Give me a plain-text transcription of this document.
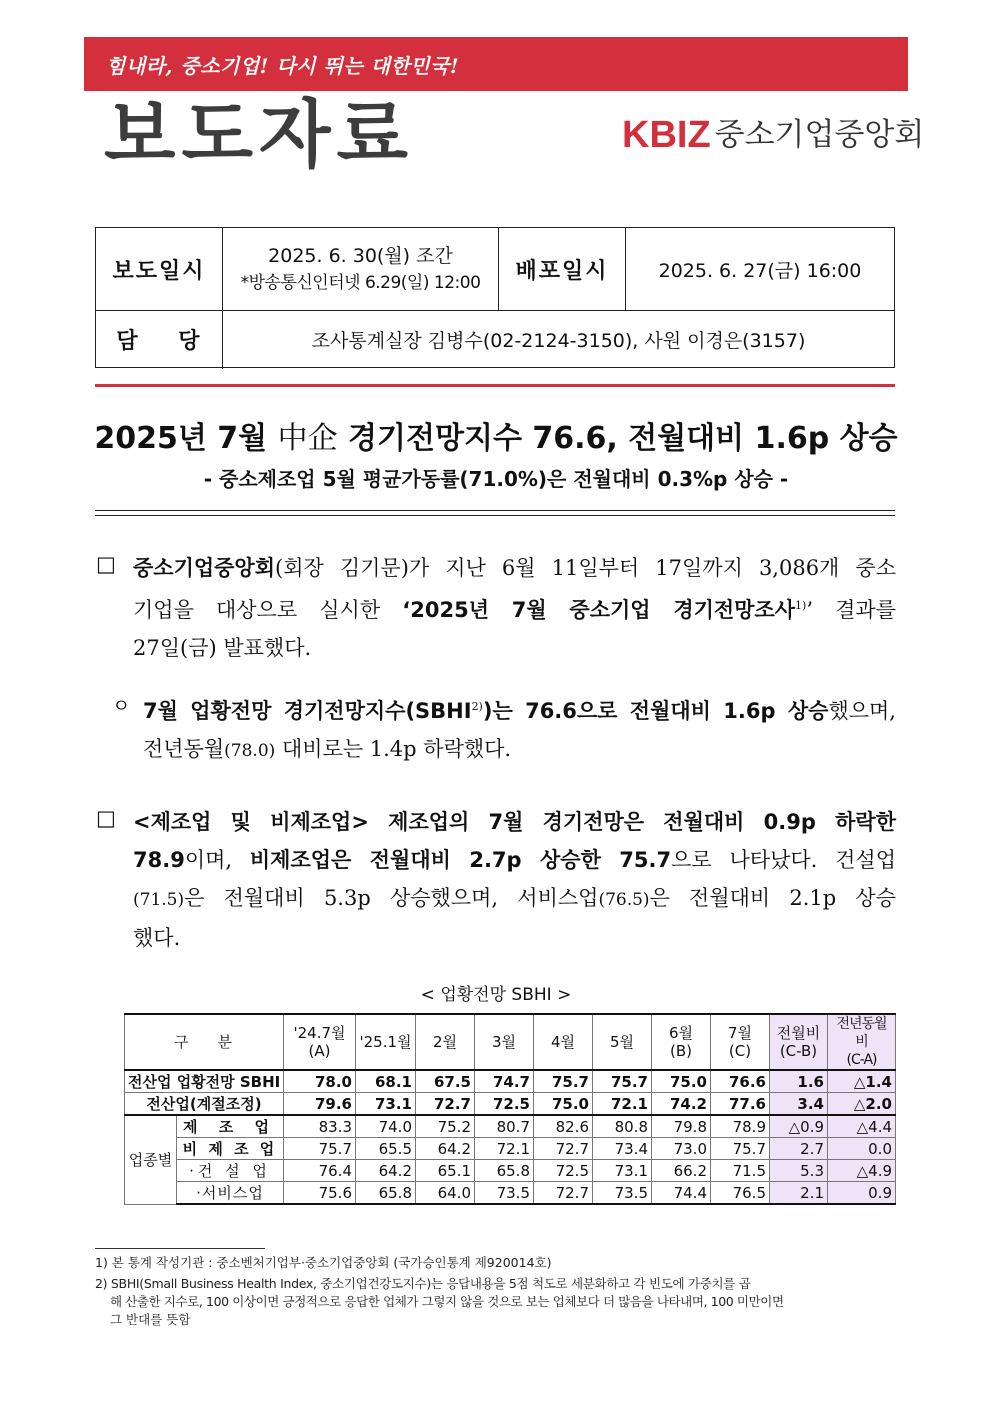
힘내라, 중소기업! 다시 뛰는 대한민국!
보도자료	KBIZ 중소기업중앙회
보도일시
2025. 6. 30(월) 조간
*방송통신인터넷 6.29(일) 12:00	배포일시	2025. 6. 27(금) 16:00
담    당	조사통계실장 김병수(02-2124-3150), 사원 이경은(3157)
2025년 7월 中企 경기전망지수 76.6, 전월대비 1.6p 상승
- 중소제조업 5월 평균가동률(71.0%)은 전월대비 0.3%p 상승 -
□ 중소기업중앙회(회장 김기문)가 지난 6월 11일부터 17일까지 3,086개 중소
기업을 대상으로 실시한 ‘2025년 7월 중소기업 경기전망조사$^{1)}$’ 결과를
27일(금) 발표했다.
ㅇ 7월 업황전망 경기전망지수(SBHI$^{2)}$)는 76.6으로 전월대비 1.6p 상승했으며,
전년동월(78.0) 대비로는 1.4p 하락했다.
□ <제조업 및 비제조업> 제조업의 7월 경기전망은 전월대비 0.9p 하락한
78.9이며, 비제조업은 전월대비 2.7p 상승한 75.7으로 나타났다. 건설업
(71.5)은 전월대비 5.3p 상승했으며, 서비스업(76.5)은 전월대비 2.1p 상승
했다.
< 업황전망 SBHI >
구    분		'24.7월
(A)	'25.1월	2월	3월	4월	5월	6월
(B)	7월
(C)	전월비
(C-B)	전년동월비
(C-A)
전산업 업황전망 SBHI		78.0	68.1	67.5	74.7	75.7	75.7	75.0	76.6	1.6	△1.4
전산업(계절조정)		79.6	73.1	72.7	72.5	75.0	72.1	74.2	77.6	3.4	△2.0
업종별	제 조 업	83.3	74.0	75.2	80.7	82.6	80.8	79.8	78.9	△0.9	△4.4
	비 제 조 업	75.7	65.5	64.2	72.1	72.7	73.4	73.0	75.7	2.7	0.0
	·건 설 업	76.4	64.2	65.1	65.8	72.5	73.1	66.2	71.5	5.3	△4.9
	·서비스업	75.6	65.8	64.0	73.5	72.7	73.5	74.4	76.5	2.1	0.9
1) 본 통계 작성기관 : 중소벤처기업부·중소기업중앙회 (국가승인통계 제920014호)
2) SBHI(Small Business Health Index, 중소기업건강도지수)는 응답내용을 5점 척도로 세분화하고 각 빈도에 가중치를 곱
해 산출한 지수로, 100 이상이면 긍정적으로 응답한 업체가 그렇지 않을 것으로 보는 업체보다 더 많음을 나타내며, 100 미만이면
그 반대를 뜻함
